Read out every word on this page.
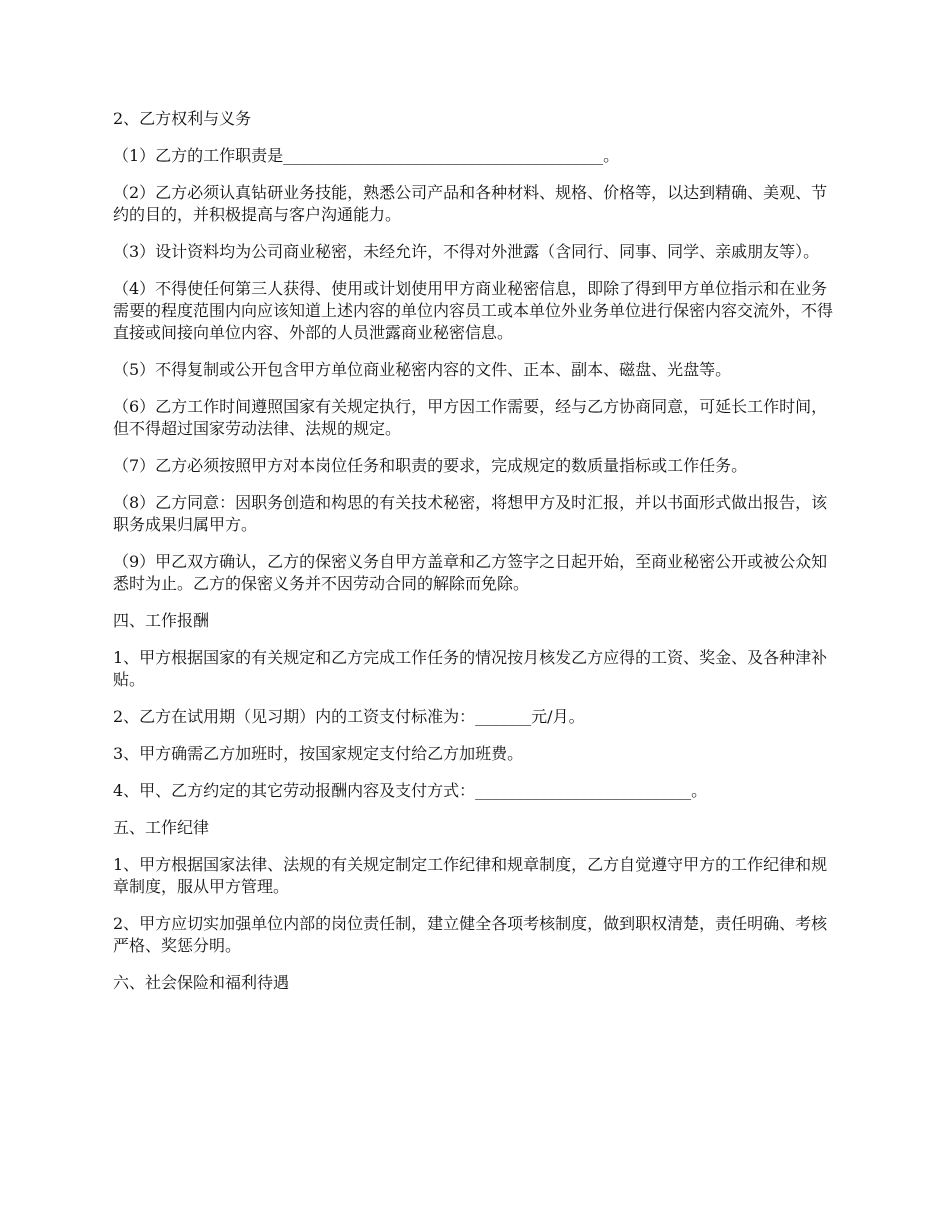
2、乙方权利与义务

（1）乙方的工作职责是________________________________________。

（2）乙方必须认真钻研业务技能，熟悉公司产品和各种材料、规格、价格等，以达到精确、美观、节约的目的，并积极提高与客户沟通能力。

（3）设计资料均为公司商业秘密，未经允许，不得对外泄露（含同行、同事、同学、亲戚朋友等）。

（4）不得使任何第三人获得、使用或计划使用甲方商业秘密信息，即除了得到甲方单位指示和在业务需要的程度范围内向应该知道上述内容的单位内容员工或本单位外业务单位进行保密内容交流外，不得直接或间接向单位内容、外部的人员泄露商业秘密信息。

（5）不得复制或公开包含甲方单位商业秘密内容的文件、正本、副本、磁盘、光盘等。

（6）乙方工作时间遵照国家有关规定执行，甲方因工作需要，经与乙方协商同意，可延长工作时间，但不得超过国家劳动法律、法规的规定。

（7）乙方必须按照甲方对本岗位任务和职责的要求，完成规定的数质量指标或工作任务。

（8）乙方同意：因职务创造和构思的有关技术秘密，将想甲方及时汇报，并以书面形式做出报告，该职务成果归属甲方。

（9）甲乙双方确认，乙方的保密义务自甲方盖章和乙方签字之日起开始，至商业秘密公开或被公众知悉时为止。乙方的保密义务并不因劳动合同的解除而免除。

四、工作报酬

1、甲方根据国家的有关规定和乙方完成工作任务的情况按月核发乙方应得的工资、奖金、及各种津补贴。

2、乙方在试用期（见习期）内的工资支付标准为：_______元/月。

3、甲方确需乙方加班时，按国家规定支付给乙方加班费。

4、甲、乙方约定的其它劳动报酬内容及支付方式：___________________________。

五、工作纪律

1、甲方根据国家法律、法规的有关规定制定工作纪律和规章制度，乙方自觉遵守甲方的工作纪律和规章制度，服从甲方管理。

2、甲方应切实加强单位内部的岗位责任制，建立健全各项考核制度，做到职权清楚，责任明确、考核严格、奖惩分明。

六、社会保险和福利待遇
